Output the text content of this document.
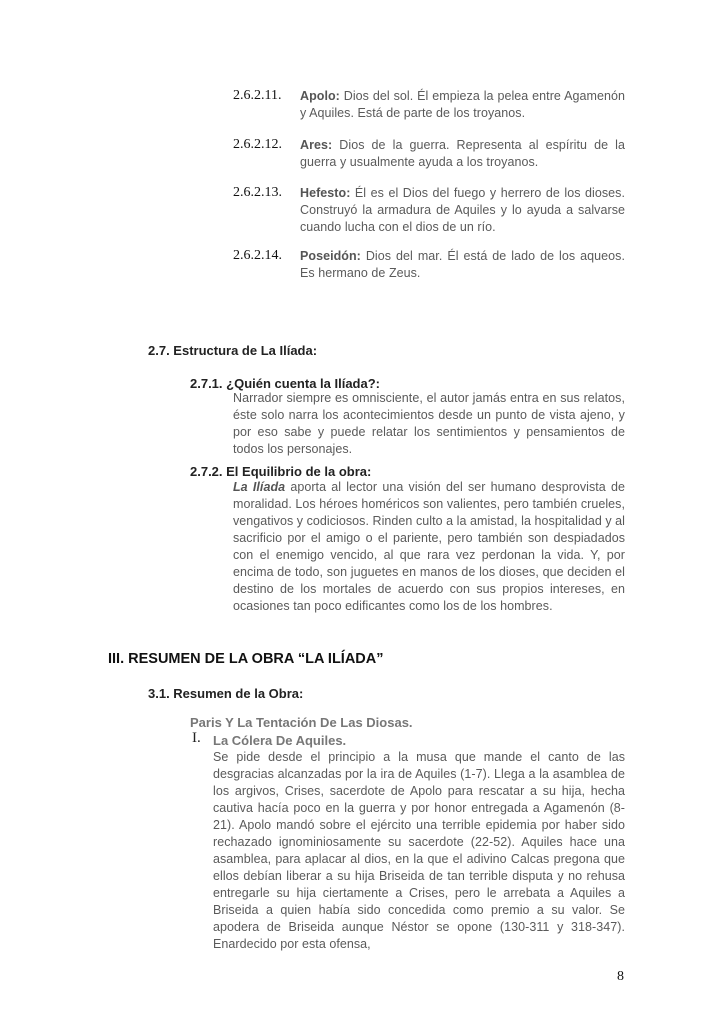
2.6.2.11. Apolo: Dios del sol. Él empieza la pelea entre Agamenón y Aquiles. Está de parte de los troyanos.
2.6.2.12. Ares: Dios de la guerra. Representa al espíritu de la guerra y usualmente ayuda a los troyanos.
2.6.2.13. Hefesto: Él es el Dios del fuego y herrero de los dioses. Construyó la armadura de Aquiles y lo ayuda a salvarse cuando lucha con el dios de un río.
2.6.2.14. Poseidón: Dios del mar. Él está de lado de los aqueos. Es hermano de Zeus.
2.7. Estructura de La Ilíada:
2.7.1. ¿Quién cuenta la Ilíada?:
Narrador siempre es omnisciente, el autor jamás entra en sus relatos, éste solo narra los acontecimientos desde un punto de vista ajeno, y por eso sabe y puede relatar los sentimientos y pensamientos de todos los personajes.
2.7.2. El Equilibrio de la obra:
La Ilíada aporta al lector una visión del ser humano desprovista de moralidad. Los héroes homéricos son valientes, pero también crueles, vengativos y codiciosos. Rinden culto a la amistad, la hospitalidad y al sacrificio por el amigo o el pariente, pero también son despiadados con el enemigo vencido, al que rara vez perdonan la vida. Y, por encima de todo, son juguetes en manos de los dioses, que deciden el destino de los mortales de acuerdo con sus propios intereses, en ocasiones tan poco edificantes como los de los hombres.
III. RESUMEN DE LA OBRA “LA ILÍADA”
3.1. Resumen de la Obra:
Paris Y La Tentación De Las Diosas.
I. La Cólera De Aquiles.
Se pide desde el principio a la musa que mande el canto de las desgracias alcanzadas por la ira de Aquiles (1-7). Llega a la asamblea de los argivos, Crises, sacerdote de Apolo para rescatar a su hija, hecha cautiva hacía poco en la guerra y por honor entregada a Agamenón (8-21). Apolo mandó sobre el ejército una terrible epidemia por haber sido rechazado ignominiosamente su sacerdote (22-52). Aquiles hace una asamblea, para aplacar al dios, en la que el adivino Calcas pregona que ellos debían liberar a su hija Briseida de tan terrible disputa y no rehusa entregarle su hija ciertamente a Crises, pero le arrebata a Aquiles a Briseida a quien había sido concedida como premio a su valor. Se apodera de Briseida aunque Néstor se opone (130-311 y 318-347). Enardecido por esta ofensa,
8
